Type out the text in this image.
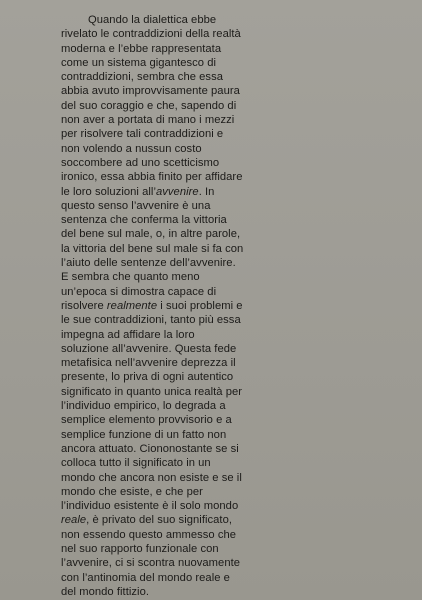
Quando la dialettica ebbe
rivelato le contraddizioni della realtà
moderna e l’ebbe rappresentata
come un sistema gigantesco di
contraddizioni, sembra che essa
abbia avuto improvvisamente paura
del suo coraggio e che, sapendo di
non aver a portata di mano i mezzi
per risolvere tali contraddizioni e
non volendo a nussun costo
soccombere ad uno scetticismo
ironico, essa abbia finito per affidare
le loro soluzioni all’avvenire. In
questo senso l’avvenire è una
sentenza che conferma la vittoria
del bene sul male, o, in altre parole,
la vittoria del bene sul male si fa con
l’aiuto delle sentenze dell’avvenire.
E sembra che quanto meno
un’epoca si dimostra capace di
risolvere realmente i suoi problemi e
le sue contraddizioni, tanto più essa
impegna ad affidare la loro
soluzione all’avvenire. Questa fede
metafisica nell’avvenire deprezza il
presente, lo priva di ogni autentico
significato in quanto unica realtà per
l’individuo empirico, lo degrada a
semplice elemento provvisorio e a
semplice funzione di un fatto non
ancora attuato. Ciononostante se si
colloca tutto il significato in un
mondo che ancora non esiste e se il
mondo che esiste, e che per
l’individuo esistente è il solo mondo
reale, è privato del suo significato,
non essendo questo ammesso che
nel suo rapporto funzionale con
l’avvenire, ci si scontra nuovamente
con l’antinomia del mondo reale e
del mondo fittizio.
